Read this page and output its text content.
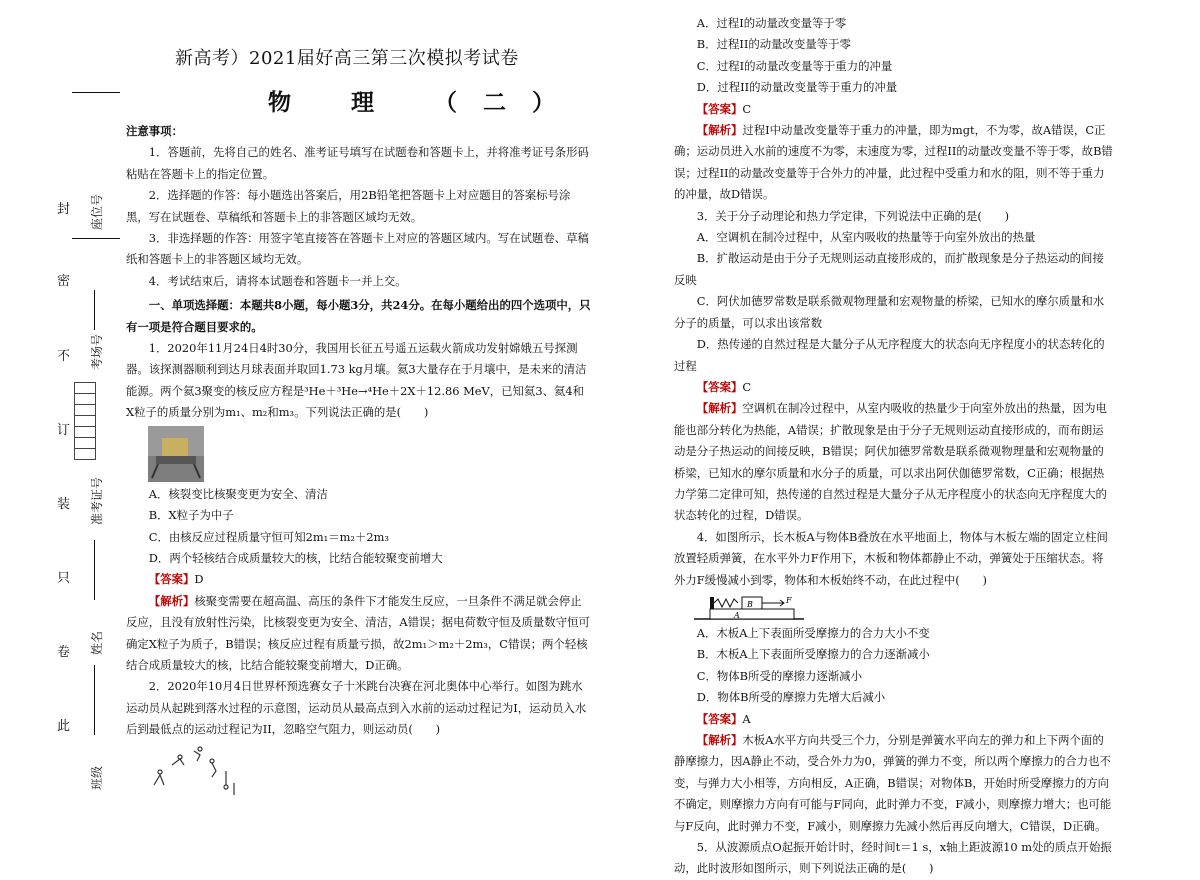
封
密
不
订
装
只
卷
此
座位号
考场号
准考证号
姓名
班级
新高考）2021届好高三第三次模拟考试卷
物 理 （二）

注意事项：

1．答题前，先将自己的姓名、准考证号填写在试题卷和答题卡上，并将准考证号条形码粘贴在答题卡上的指定位置。

2．选择题的作答：每小题选出答案后，用2B铅笔把答题卡上对应题目的答案标号涂黑，写在试题卷、草稿纸和答题卡上的非答题区域均无效。

3．非选择题的作答：用签字笔直接答在答题卡上对应的答题区域内。写在试题卷、草稿纸和答题卡上的非答题区域均无效。

4．考试结束后，请将本试题卷和答题卡一并上交。

一、单项选择题：本题共8小题，每小题3分，共24分。在每小题给出的四个选项中，只有一项是符合题目要求的。

1．2020年11月24日4时30分，我国用长征五号遥五运载火箭成功发射嫦娥五号探测器。该探测器顺利到达月球表面并取回1.73 kg月壤。氦3大量存在于月壤中，是未来的清洁能源。两个氦3聚变的核反应方程是³He＋³He→⁴He＋2X＋12.86 MeV，已知氦3、氦4和X粒子的质量分别为m₁、m₂和m₃。下列说法正确的是(　　)

A．核裂变比核聚变更为安全、清洁

B．X粒子为中子

C．由核反应过程质量守恒可知2m₁＝m₂＋2m₃

D．两个轻核结合成质量较大的核，比结合能较聚变前增大

【答案】D

【解析】核聚变需要在超高温、高压的条件下才能发生反应，一旦条件不满足就会停止反应，且没有放射性污染，比核裂变更为安全、清洁，A错误；据电荷数守恒及质量数守恒可确定X粒子为质子，B错误；核反应过程有质量亏损，故2m₁＞m₂＋2m₃，C错误；两个轻核结合成质量较大的核，比结合能较聚变前增大，D正确。

2．2020年10月4日世界杯预选赛女子十米跳台决赛在河北奥体中心举行。如图为跳水运动员从起跳到落水过程的示意图，运动员从最高点到入水前的运动过程记为I，运动员入水后到最低点的运动过程记为II，忽略空气阻力，则运动员(　　)

A．过程I的动量改变量等于零

B．过程II的动量改变量等于零

C．过程I的动量改变量等于重力的冲量

D．过程II的动量改变量等于重力的冲量

【答案】C

【解析】过程I中动量改变量等于重力的冲量，即为mgt，不为零，故A错误，C正确；运动员进入水前的速度不为零，末速度为零，过程II的动量改变量不等于零，故B错误；过程II的动量改变量等于合外力的冲量，此过程中受重力和水的阻，则不等于重力的冲量，故D错误。

3．关于分子动理论和热力学定律，下列说法中正确的是(　　)

A．空调机在制冷过程中，从室内吸收的热量等于向室外放出的热量

B．扩散运动是由于分子无规则运动直接形成的，而扩散现象是分子热运动的间接反映

C．阿伏加德罗常数是联系微观物理量和宏观物量的桥梁，已知水的摩尔质量和水分子的质量，可以求出该常数

D．热传递的自然过程是大量分子从无序程度大的状态向无序程度小的状态转化的过程

【答案】C

【解析】空调机在制冷过程中，从室内吸收的热量少于向室外放出的热量，因为电能也部分转化为热能，A错误；扩散现象是由于分子无规则运动直接形成的，而布朗运动是分子热运动的间接反映，B错误；阿伏加德罗常数是联系微观物理量和宏观物量的桥梁，已知水的摩尔质量和水分子的质量，可以求出阿伏伽德罗常数，C正确；根据热力学第二定律可知，热传递的自然过程是大量分子从无序程度小的状态向无序程度大的状态转化的过程，D错误。

4．如图所示，长木板A与物体B叠放在水平地面上，物体与木板左端的固定立柱间放置轻质弹簧，在水平外力F作用下，木板和物体都静止不动，弹簧处于压缩状态。将外力F缓慢减小到零，物体和木板始终不动，在此过程中(　　)

B
A
F

A．木板A上下表面所受摩擦力的合力大小不变

B．木板A上下表面所受摩擦力的合力逐渐减小

C．物体B所受的摩擦力逐渐减小

D．物体B所受的摩擦力先增大后减小

【答案】A

【解析】木板A水平方向共受三个力，分别是弹簧水平向左的弹力和上下两个面的静摩擦力，因A静止不动，受合外力为0，弹簧的弹力不变，所以两个摩擦力的合力也不变，与弹力大小相等，方向相反，A正确，B错误；对物体B，开始时所受摩擦力的方向不确定，则摩擦力方向有可能与F同向，此时弹力不变，F减小，则摩擦力增大；也可能与F反向，此时弹力不变，F减小，则摩擦力先减小然后再反向增大，C错误，D正确。

5．从波源质点O起振开始计时，经时间t＝1 s，x轴上距波源10 m处的质点开始振动，此时波形如图所示，则下列说法正确的是(　　)
